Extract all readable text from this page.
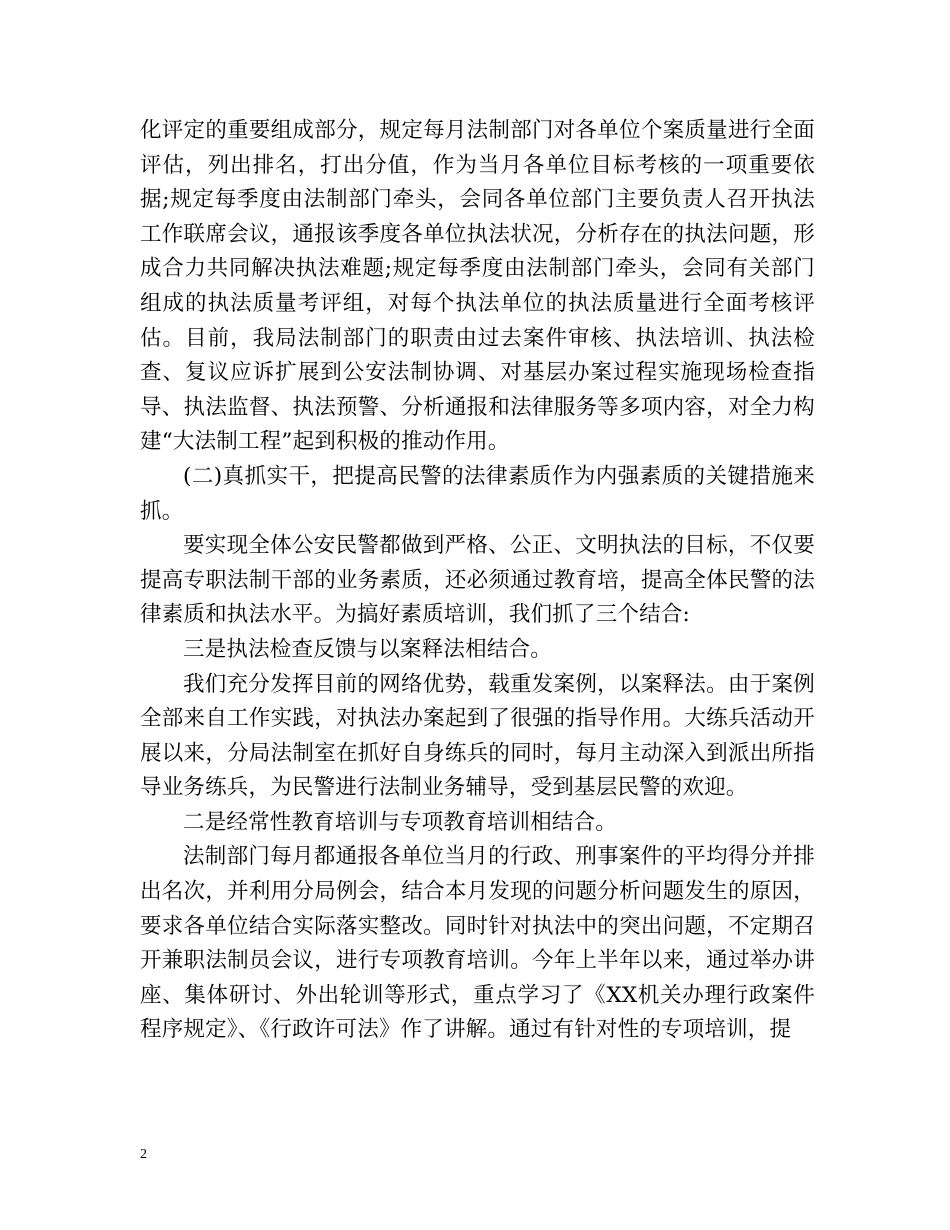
化评定的重要组成部分，规定每月法制部门对各单位个案质量进行全面评估，列出排名，打出分值，作为当月各单位目标考核的一项重要依据;规定每季度由法制部门牵头，会同各单位部门主要负责人召开执法工作联席会议，通报该季度各单位执法状况，分析存在的执法问题，形成合力共同解决执法难题;规定每季度由法制部门牵头，会同有关部门组成的执法质量考评组，对每个执法单位的执法质量进行全面考核评估。目前，我局法制部门的职责由过去案件审核、执法培训、执法检查、复议应诉扩展到公安法制协调、对基层办案过程实施现场检查指导、执法监督、执法预警、分析通报和法律服务等多项内容，对全力构建“大法制工程”起到积极的推动作用。

(二)真抓实干，把提高民警的法律素质作为内强素质的关键措施来抓。

要实现全体公安民警都做到严格、公正、文明执法的目标，不仅要提高专职法制干部的业务素质，还必须通过教育培，提高全体民警的法律素质和执法水平。为搞好素质培训，我们抓了三个结合:

三是执法检查反馈与以案释法相结合。

我们充分发挥目前的网络优势，载重发案例，以案释法。由于案例全部来自工作实践，对执法办案起到了很强的指导作用。大练兵活动开展以来，分局法制室在抓好自身练兵的同时，每月主动深入到派出所指导业务练兵，为民警进行法制业务辅导，受到基层民警的欢迎。

二是经常性教育培训与专项教育培训相结合。

法制部门每月都通报各单位当月的行政、刑事案件的平均得分并排出名次，并利用分局例会，结合本月发现的问题分析问题发生的原因，要求各单位结合实际落实整改。同时针对执法中的突出问题，不定期召开兼职法制员会议，进行专项教育培训。今年上半年以来，通过举办讲座、集体研讨、外出轮训等形式，重点学习了《XX机关办理行政案件程序规定》、《行政许可法》作了讲解。通过有针对性的专项培训，提

2
